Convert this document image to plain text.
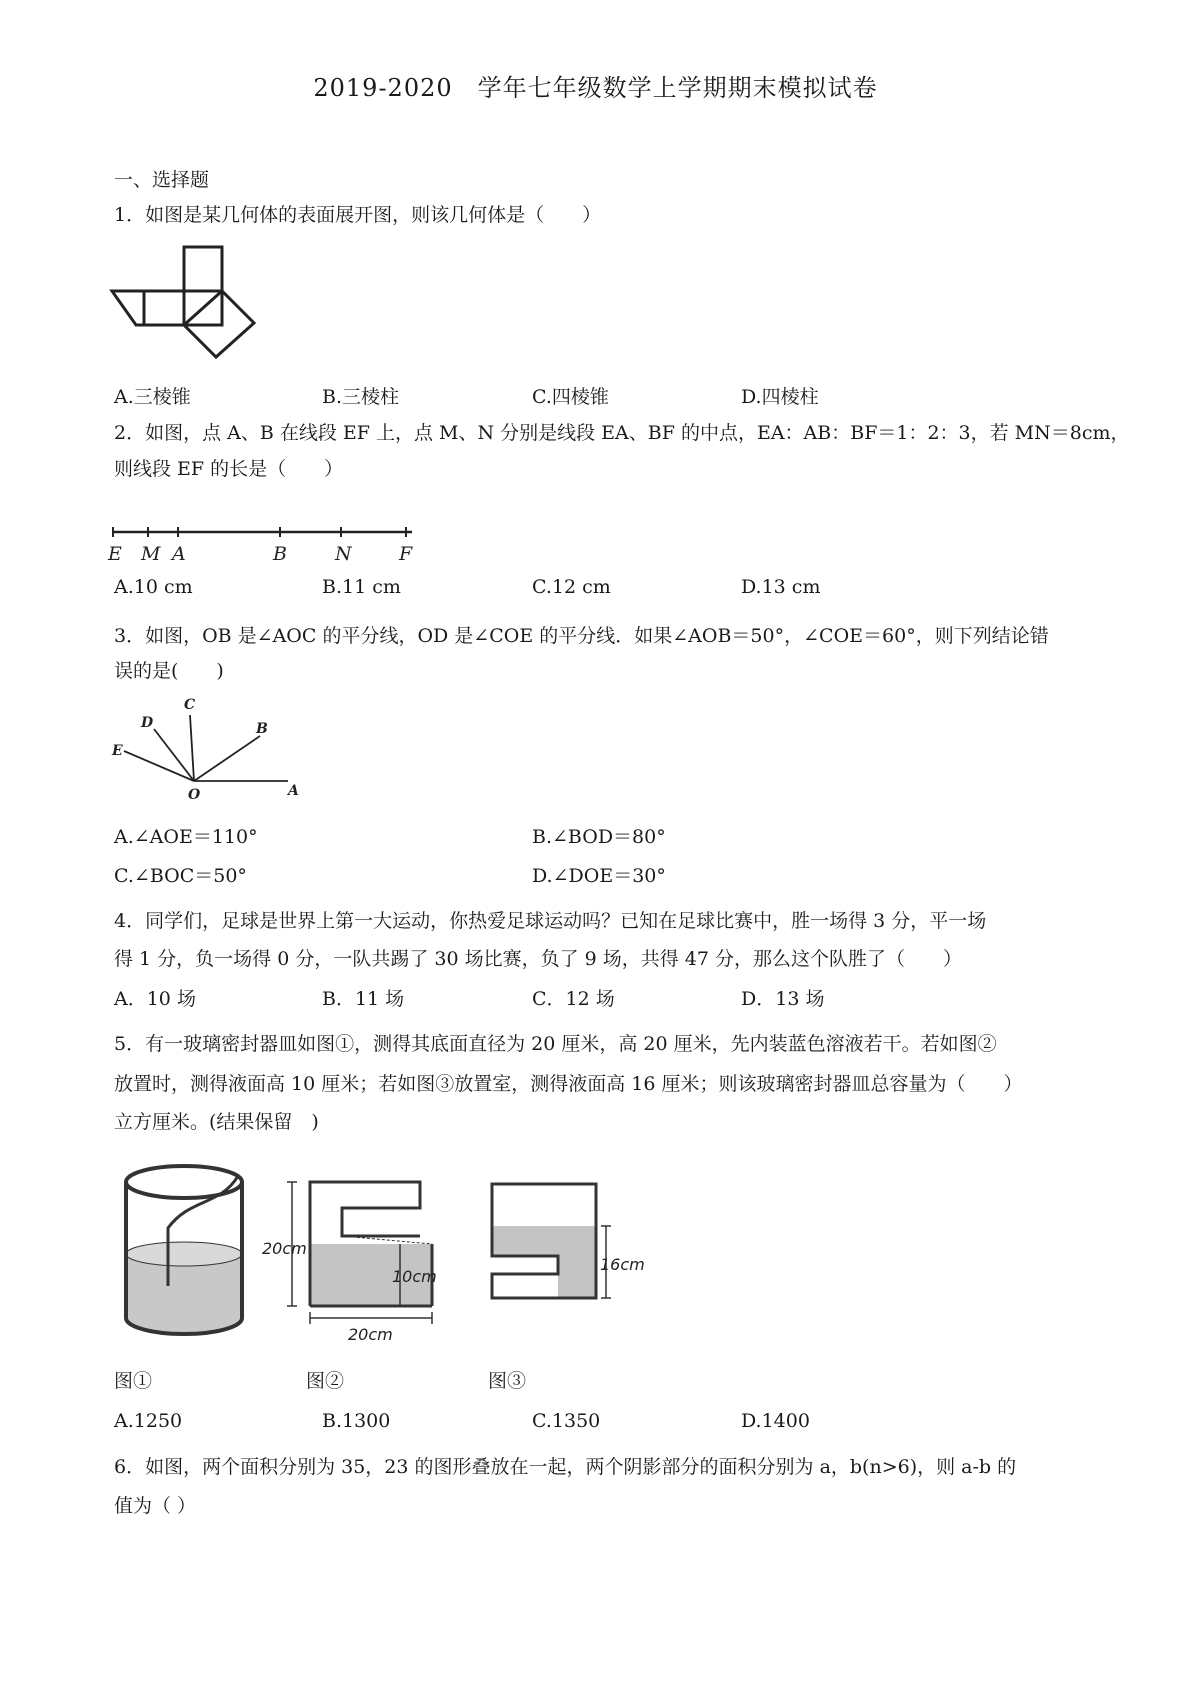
2019-2020　学年七年级数学上学期期末模拟试卷
一、选择题
1．如图是某几何体的表面展开图，则该几何体是（　　）
A.三棱锥	B.三棱柱	C.四棱锥	D.四棱柱
2．如图，点 A、B 在线段 EF 上，点 M、N 分别是线段 EA、BF 的中点，EA：AB：BF＝1：2：3，若 MN＝8cm，
则线段 EF 的长是（　　）
E M A	B	N F
A.10 cm	B.11 cm	C.12 cm	D.13 cm
3．如图，OB 是∠AOC 的平分线，OD 是∠COE 的平分线．如果∠AOB＝50°，∠COE＝60°，则下列结论错
误的是(　　)
C
D	B
E
O	A
A.∠AOE＝110°	B.∠BOD＝80°
C.∠BOC＝50°	D.∠DOE＝30°
4．同学们，足球是世界上第一大运动，你热爱足球运动吗？已知在足球比赛中，胜一场得 3 分，平一场
得 1 分，负一场得 0 分，一队共踢了 30 场比赛，负了 9 场，共得 47 分，那么这个队胜了（　　）
A．10 场	B．11 场	C．12 场	D．13 场
5．有一玻璃密封器皿如图①，测得其底面直径为 20 厘米，高 20 厘米，先内装蓝色溶液若干。若如图②
放置时，测得液面高 10 厘米；若如图③放置室，测得液面高 16 厘米；则该玻璃密封器皿总容量为（　　）
立方厘米。(结果保留　)
20cm
10cm
20cm
16cm
图①	图②	图③
A.1250	B.1300	C.1350	D.1400
6．如图，两个面积分别为 35，23 的图形叠放在一起，两个阴影部分的面积分别为 a，b(n>6)，则 a-b 的
值为（ ）
